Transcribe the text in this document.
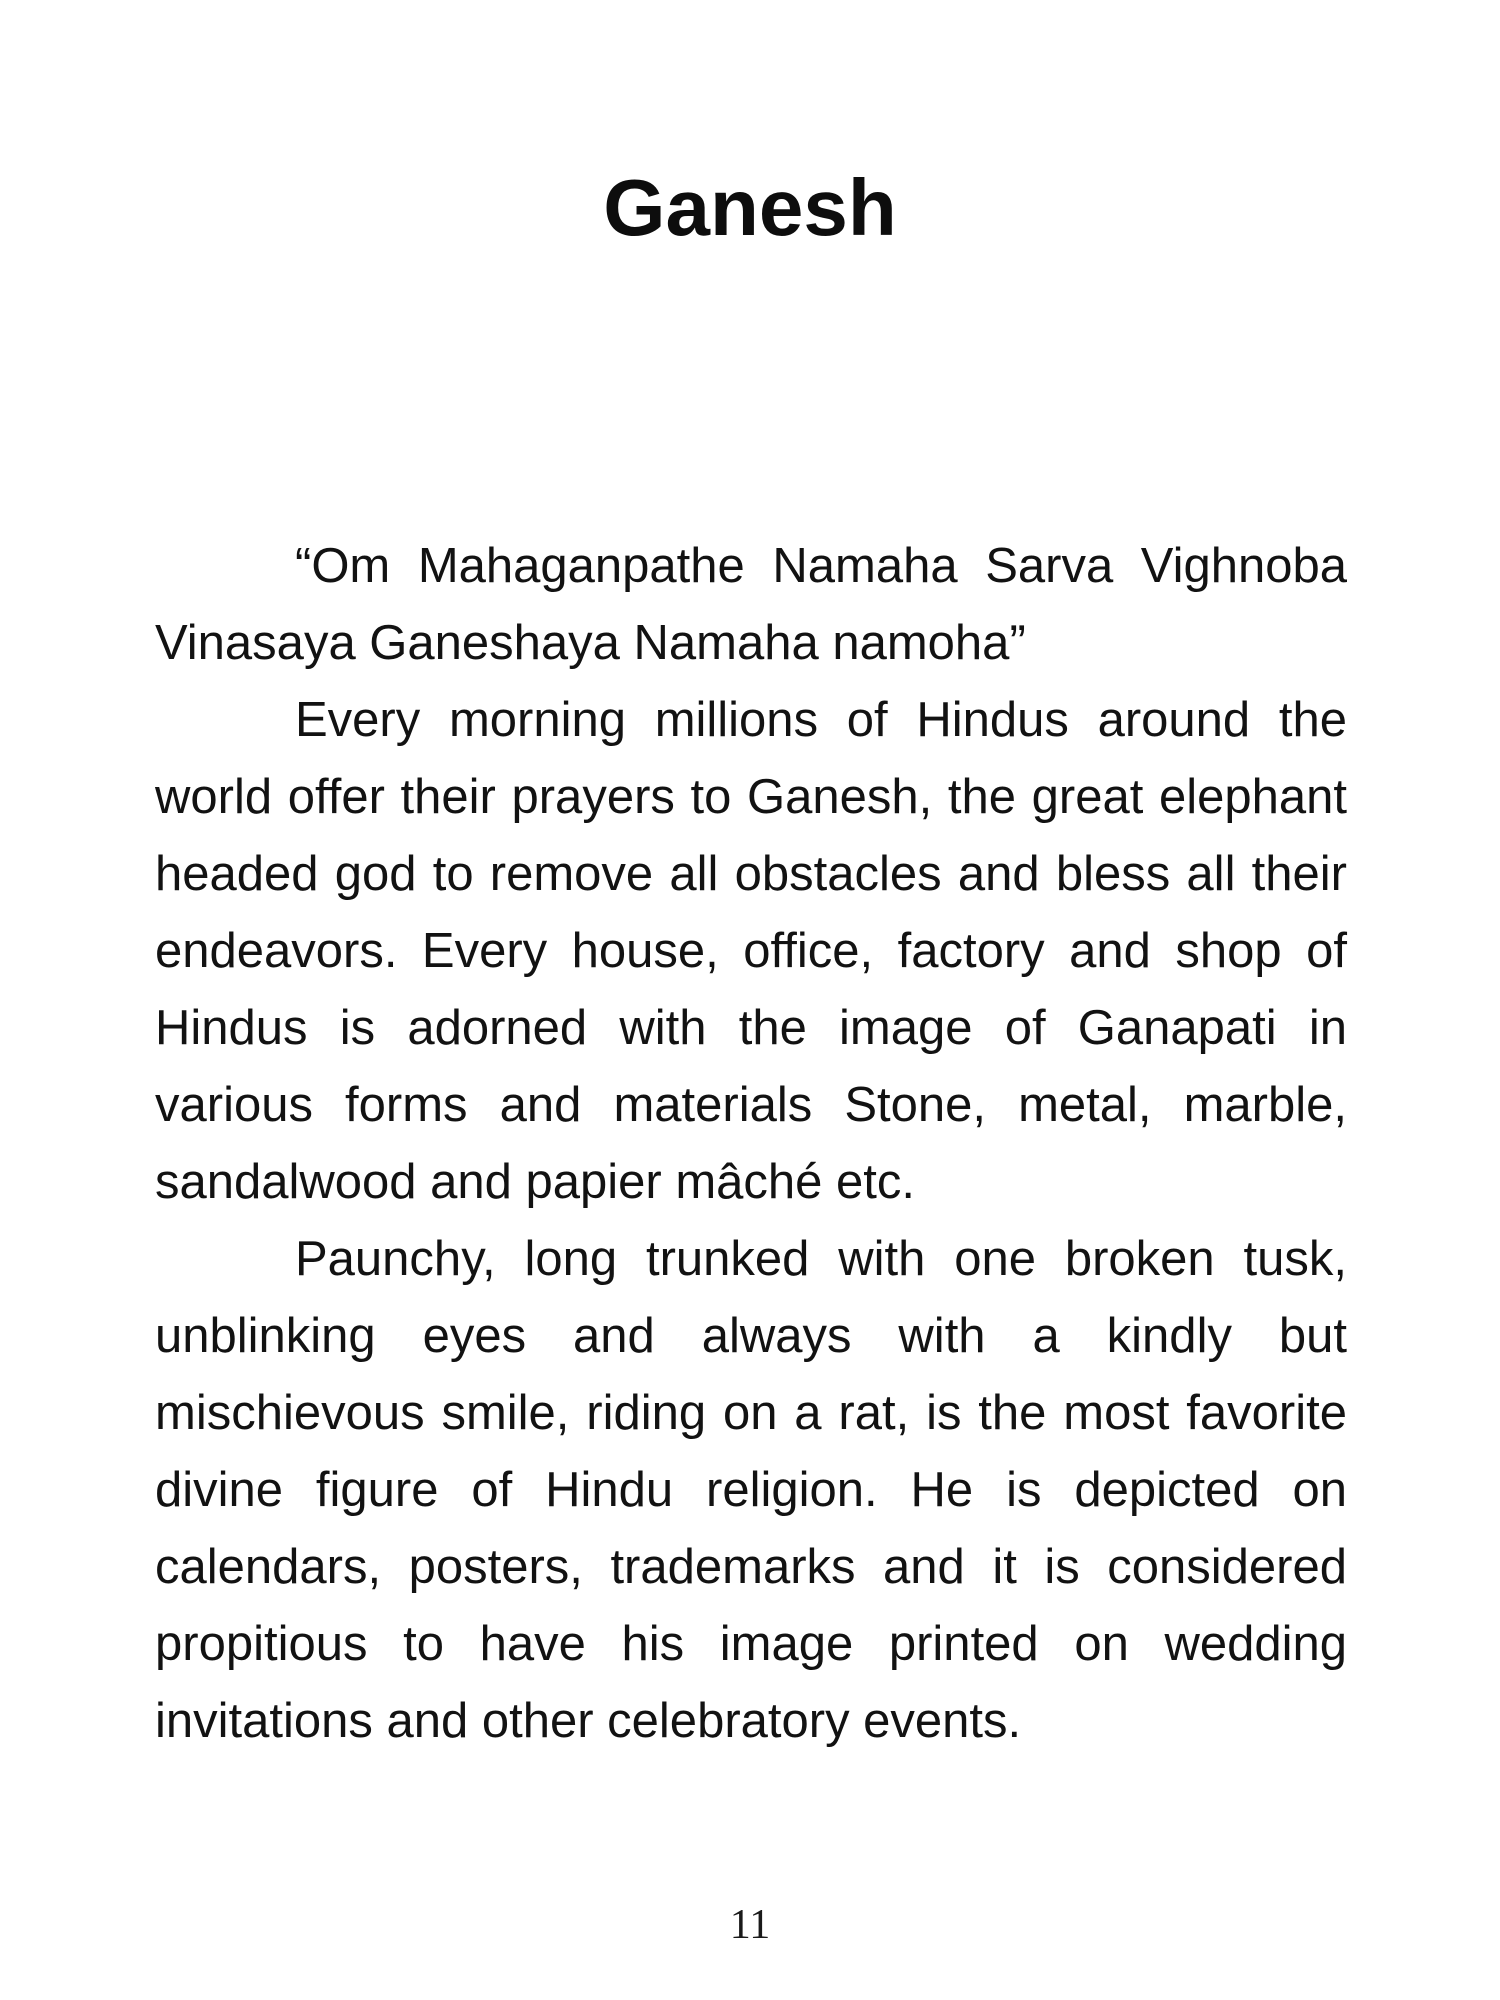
Ganesh

“Om Mahaganpathe Namaha Sarva Vighnoba Vinasaya Ganeshaya Namaha namoha”

Every morning millions of Hindus around the world offer their prayers to Ganesh, the great elephant headed god to remove all obstacles and bless all their endeavors. Every house, office, factory and shop of Hindus is adorned with the image of Ganapati in various forms and materials Stone, metal, marble, sandalwood and papier mâché etc.

Paunchy, long trunked with one broken tusk, unblinking eyes and always with a kindly but mischievous smile, riding on a rat, is the most favorite divine figure of Hindu religion. He is depicted on calendars, posters, trademarks and it is considered propitious to have his image printed on wedding invitations and other celebratory events.

11
